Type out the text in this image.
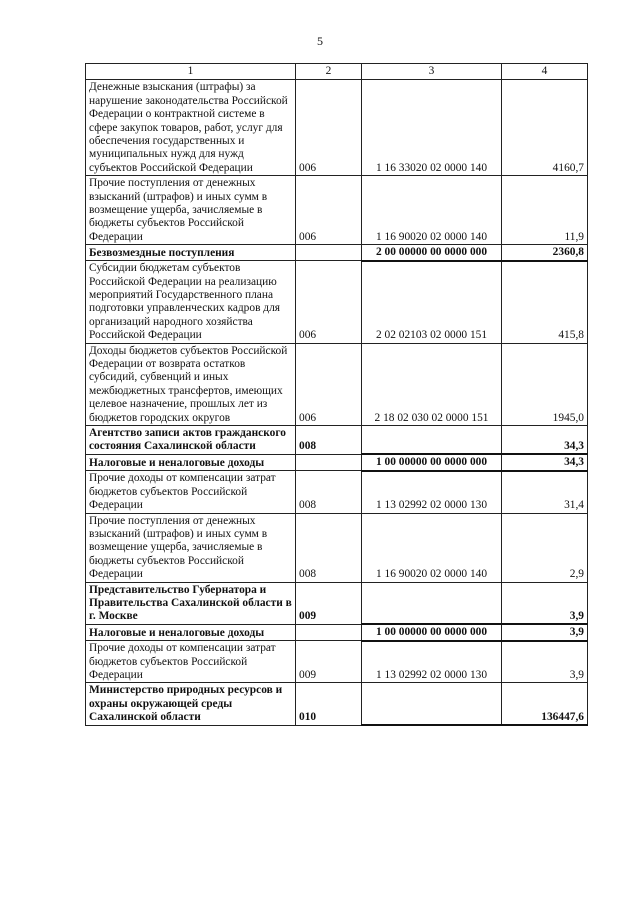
5
1	2	3	4
Денежные взыскания (штрафы) за нарушение законодательства Российской Федерации о контрактной системе в сфере закупок товаров, работ, услуг для обеспечения государственных и муниципальных нужд для нужд субъектов Российской Федерации	006	1 16 33020 02 0000 140	4160,7
Прочие поступления от денежных взысканий (штрафов) и иных сумм в возмещение ущерба, зачисляемые в бюджеты субъектов Российской Федерации	006	1 16 90020 02 0000 140	11,9
Безвозмездные поступления		2 00 00000 00 0000 000	2360,8
Субсидии бюджетам субъектов Российской Федерации на реализацию мероприятий Государственного плана подготовки управленческих кадров для организаций народного хозяйства Российской Федерации	006	2 02 02103 02 0000 151	415,8
Доходы бюджетов субъектов Российской Федерации от возврата остатков субсидий, субвенций и иных межбюджетных трансфертов, имеющих целевое назначение, прошлых лет из бюджетов городских округов	006	2 18 02 030 02 0000 151	1945,0
Агентство записи актов гражданского состояния Сахалинской области	008		34,3
Налоговые и неналоговые доходы		1 00 00000 00 0000 000	34,3
Прочие доходы от компенсации затрат бюджетов субъектов Российской Федерации	008	1 13 02992 02 0000 130	31,4
Прочие поступления от денежных взысканий (штрафов) и иных сумм в возмещение ущерба, зачисляемые в бюджеты субъектов Российской Федерации	008	1 16 90020 02 0000 140	2,9
Представительство Губернатора и Правительства Сахалинской области в г. Москве	009		3,9
Налоговые и неналоговые доходы		1 00 00000 00 0000 000	3,9
Прочие доходы от компенсации затрат бюджетов субъектов Российской Федерации	009	1 13 02992 02 0000 130	3,9
Министерство природных ресурсов и охраны окружающей среды Сахалинской области	010		136447,6
